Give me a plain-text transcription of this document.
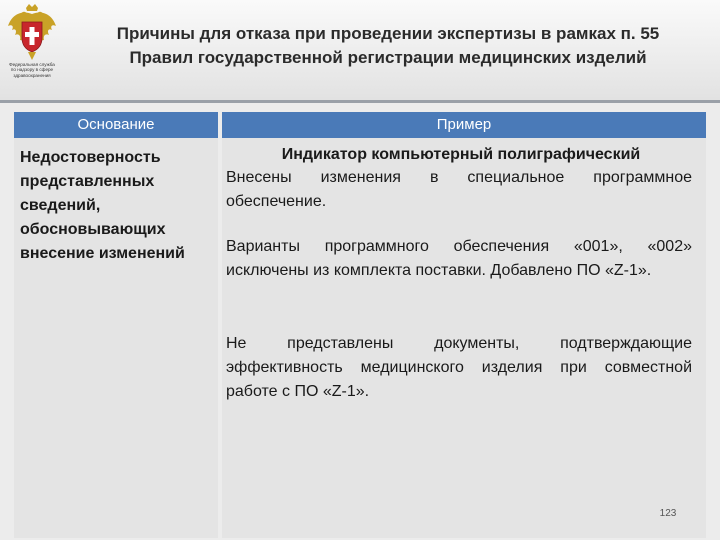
Федеральная служба
по надзору в сфере
здравоохранения
Причины для отказа при проведении экспертизы в рамках п. 55
Правил государственной регистрации медицинских изделий
Основание	Пример
Недостоверность представленных сведений, обосновывающих внесение изменений
Индикатор компьютерный полиграфический
Внесены изменения в специальное программное обеспечение.
Варианты программного обеспечения «001», «002» исключены из комплекта поставки. Добавлено ПО «Z-1».
Не представлены документы, подтверждающие эффективность медицинского изделия при совместной работе с ПО «Z-1».
123
